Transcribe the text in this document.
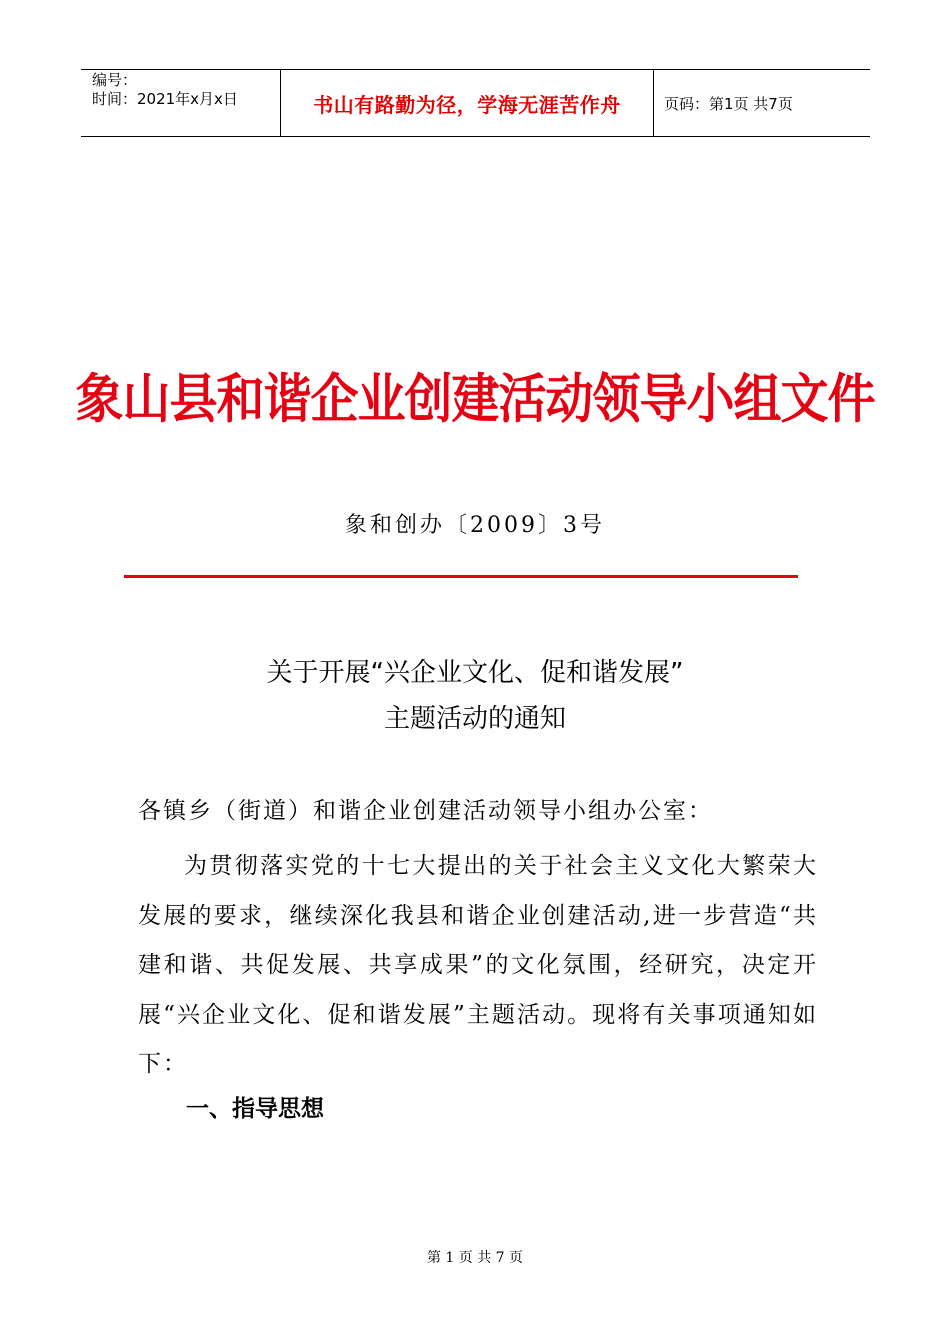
编号：
时间：2021年x月x日	书山有路勤为径，学海无涯苦作舟	页码：第1页 共7页
象山县和谐企业创建活动领导小组文件
象和创办〔2009〕3号
关于开展“兴企业文化、促和谐发展”
主题活动的通知
各镇乡（街道）和谐企业创建活动领导小组办公室：
为贯彻落实党的十七大提出的关于社会主义文化大繁荣大发展的要求，继续深化我县和谐企业创建活动,进一步营造“共建和谐、共促发展、共享成果”的文化氛围，经研究，决定开展“兴企业文化、促和谐发展”主题活动。现将有关事项通知如下：
一、指导思想
第 1 页 共 7 页
